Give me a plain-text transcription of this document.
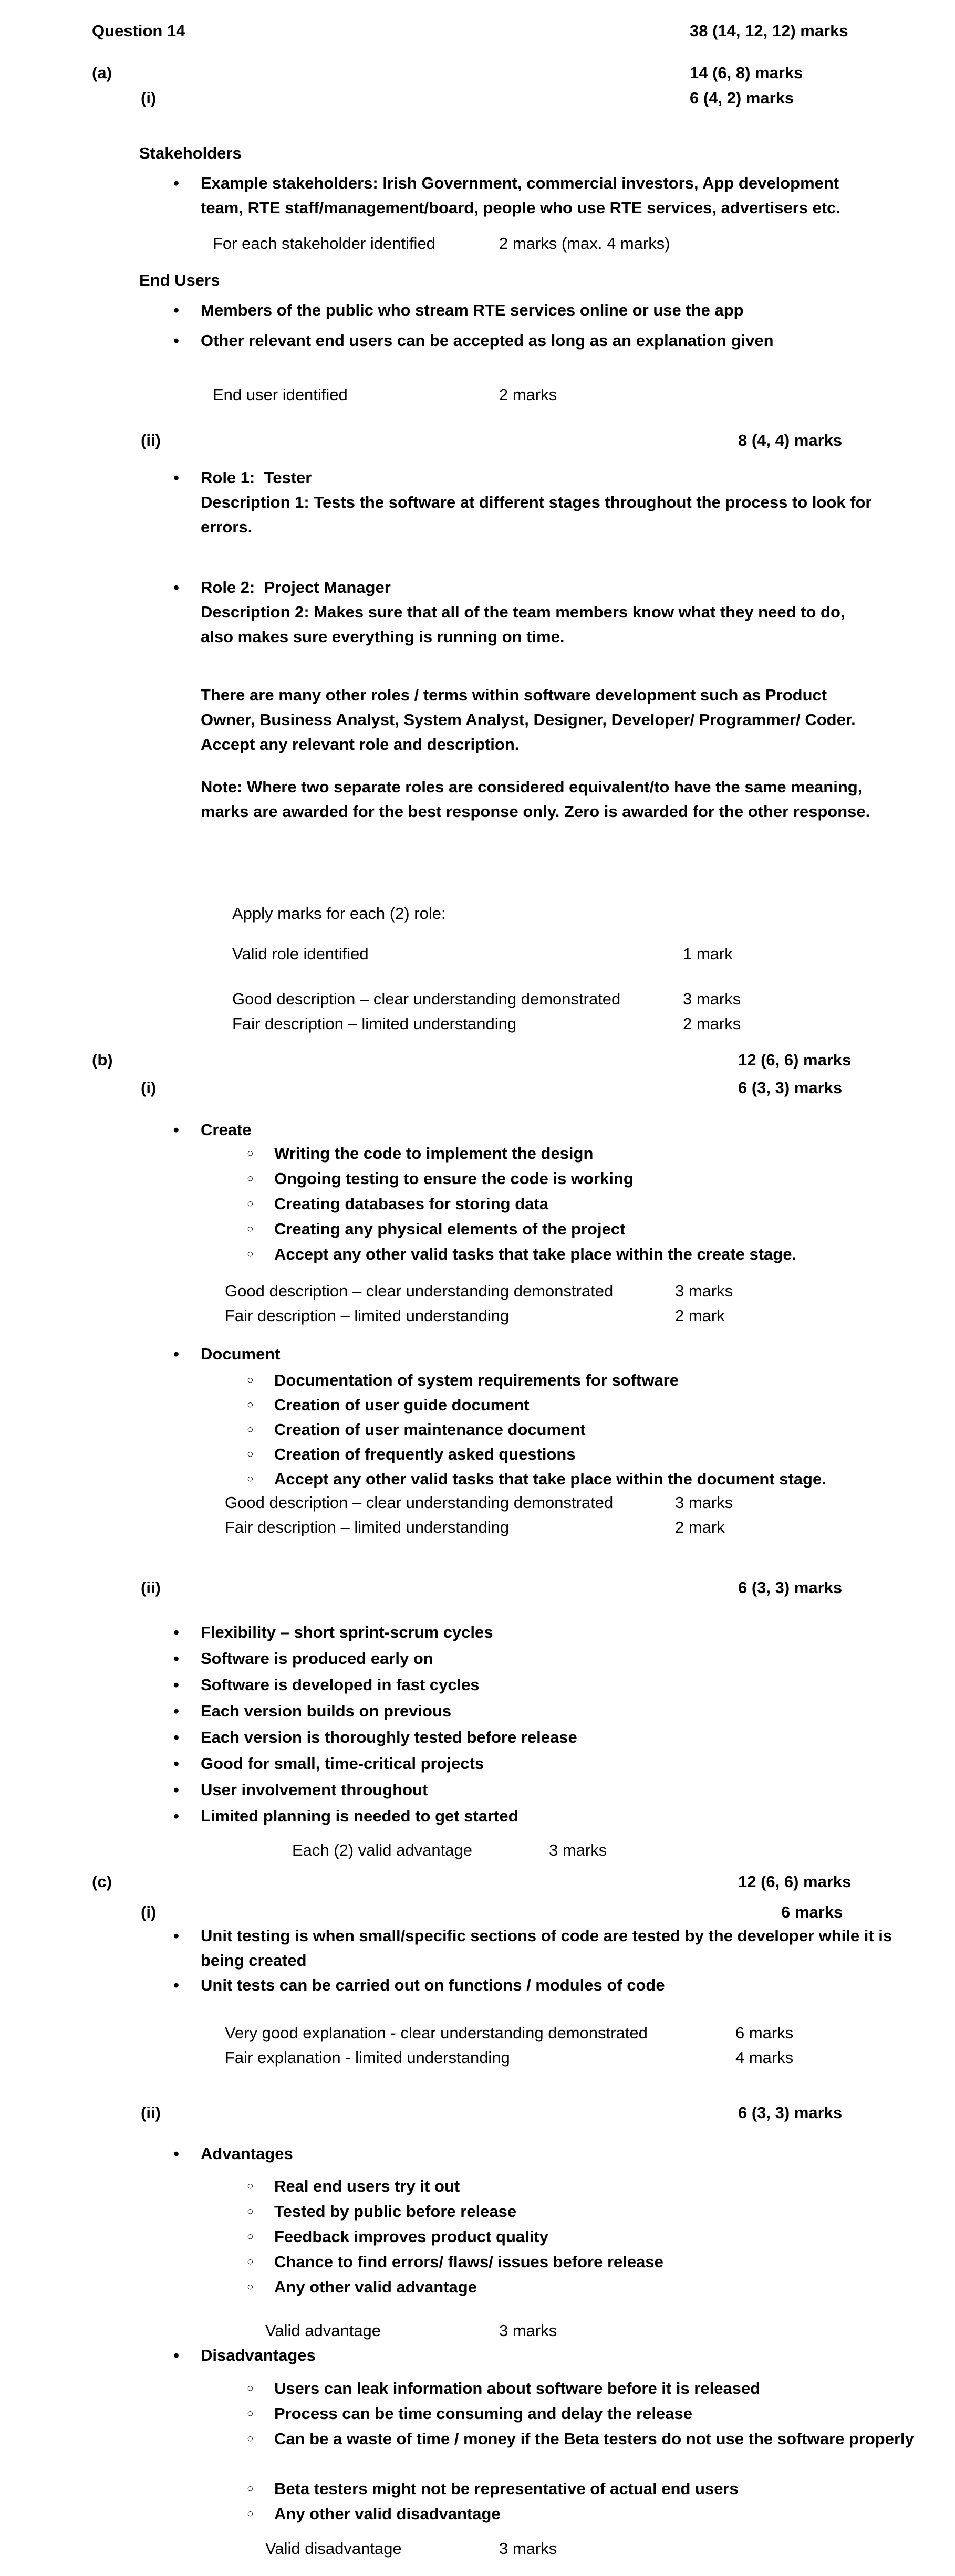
Question 14	38 (14, 12, 12) marks
(a)	14 (6, 8) marks
(i)	6 (4, 2) marks
Stakeholders
• Example stakeholders: Irish Government, commercial investors, App development team, RTE staff/management/board, people who use RTE services, advertisers etc.
For each stakeholder identified	2 marks (max. 4 marks)
End Users
• Members of the public who stream RTE services online or use the app
• Other relevant end users can be accepted as long as an explanation given
End user identified	2 marks
(ii)	8 (4, 4) marks
• Role 1:  Tester
Description 1: Tests the software at different stages throughout the process to look for errors.
• Role 2:  Project Manager
Description 2: Makes sure that all of the team members know what they need to do, also makes sure everything is running on time.
There are many other roles / terms within software development such as Product Owner, Business Analyst, System Analyst, Designer, Developer/ Programmer/ Coder. Accept any relevant role and description.
Note: Where two separate roles are considered equivalent/to have the same meaning, marks are awarded for the best response only. Zero is awarded for the other response.
Apply marks for each (2) role:
Valid role identified	1 mark
Good description – clear understanding demonstrated	3 marks
Fair description – limited understanding	2 marks
(b)	12 (6, 6) marks
(i)	6 (3, 3) marks
• Create
○ Writing the code to implement the design
○ Ongoing testing to ensure the code is working
○ Creating databases for storing data
○ Creating any physical elements of the project
○ Accept any other valid tasks that take place within the create stage.
Good description – clear understanding demonstrated	3 marks
Fair description – limited understanding	2 mark
• Document
○ Documentation of system requirements for software
○ Creation of user guide document
○ Creation of user maintenance document
○ Creation of frequently asked questions
○ Accept any other valid tasks that take place within the document stage.
Good description – clear understanding demonstrated	3 marks
Fair description – limited understanding	2 mark
(ii)	6 (3, 3) marks
• Flexibility – short sprint-scrum cycles
• Software is produced early on
• Software is developed in fast cycles
• Each version builds on previous
• Each version is thoroughly tested before release
• Good for small, time-critical projects
• User involvement throughout
• Limited planning is needed to get started
Each (2) valid advantage	3 marks
(c)	12 (6, 6) marks
(i)	6 marks
• Unit testing is when small/specific sections of code are tested by the developer while it is being created
• Unit tests can be carried out on functions / modules of code
Very good explanation - clear understanding demonstrated	6 marks
Fair explanation - limited understanding	4 marks
(ii)	6 (3, 3) marks
• Advantages
○ Real end users try it out
○ Tested by public before release
○ Feedback improves product quality
○ Chance to find errors/ flaws/ issues before release
○ Any other valid advantage
Valid advantage	3 marks
• Disadvantages
○ Users can leak information about software before it is released
○ Process can be time consuming and delay the release
○ Can be a waste of time / money if the Beta testers do not use the software properly
○ Beta testers might not be representative of actual end users
○ Any other valid disadvantage
Valid disadvantage	3 marks
